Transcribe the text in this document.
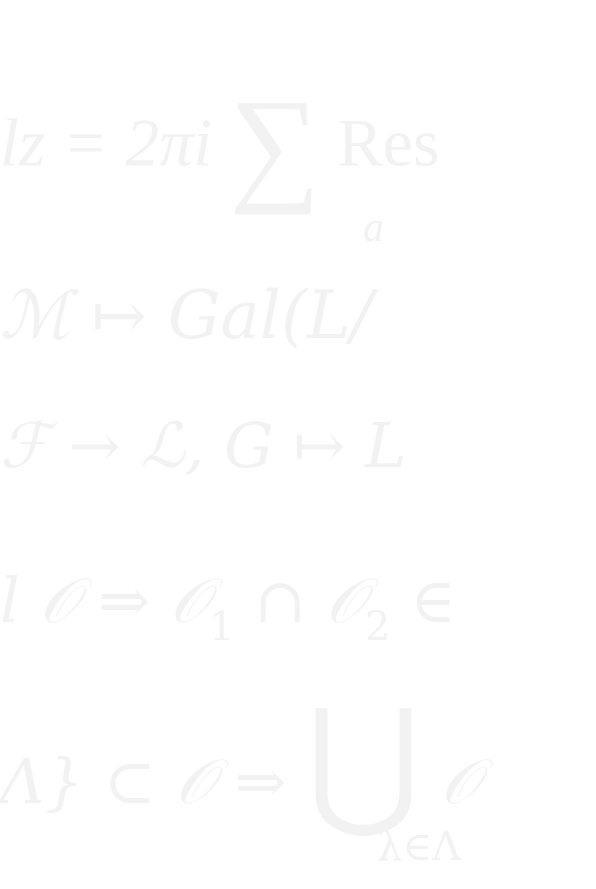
lz = 2πi ∑ Res
a
ℳ ↦ Gal(L/
ℱ → ℒ, G ↦ L
l 𝒪 ⇒ 𝒪$_1$ ∩ 𝒪$_2$ ∈
Λ} ⊂ 𝒪 ⇒ ⋃ 𝒪
λ∈Λ
